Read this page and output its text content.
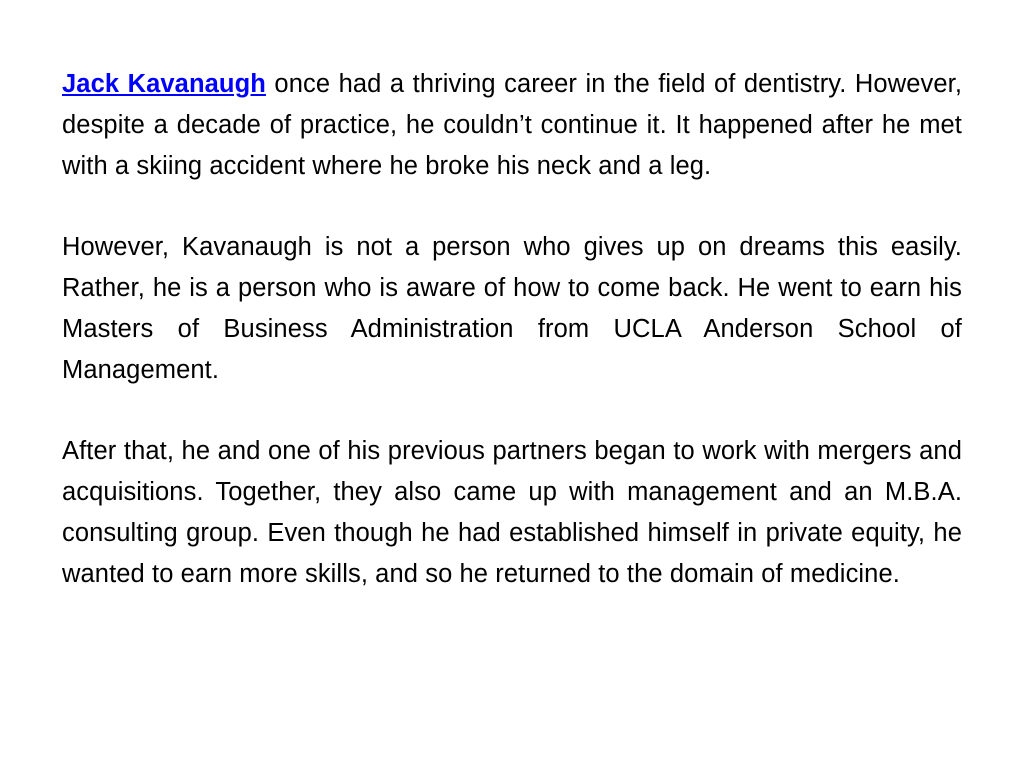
Jack Kavanaugh once had a thriving career in the field of dentistry. However, despite a decade of practice, he couldn’t continue it. It happened after he met with a skiing accident where he broke his neck and a leg.

However, Kavanaugh is not a person who gives up on dreams this easily. Rather, he is a person who is aware of how to come back. He went to earn his Masters of Business Administration from UCLA Anderson School of Management.

After that, he and one of his previous partners began to work with mergers and acquisitions. Together, they also came up with management and an M.B.A. consulting group. Even though he had established himself in private equity, he wanted to earn more skills, and so he returned to the domain of medicine.
